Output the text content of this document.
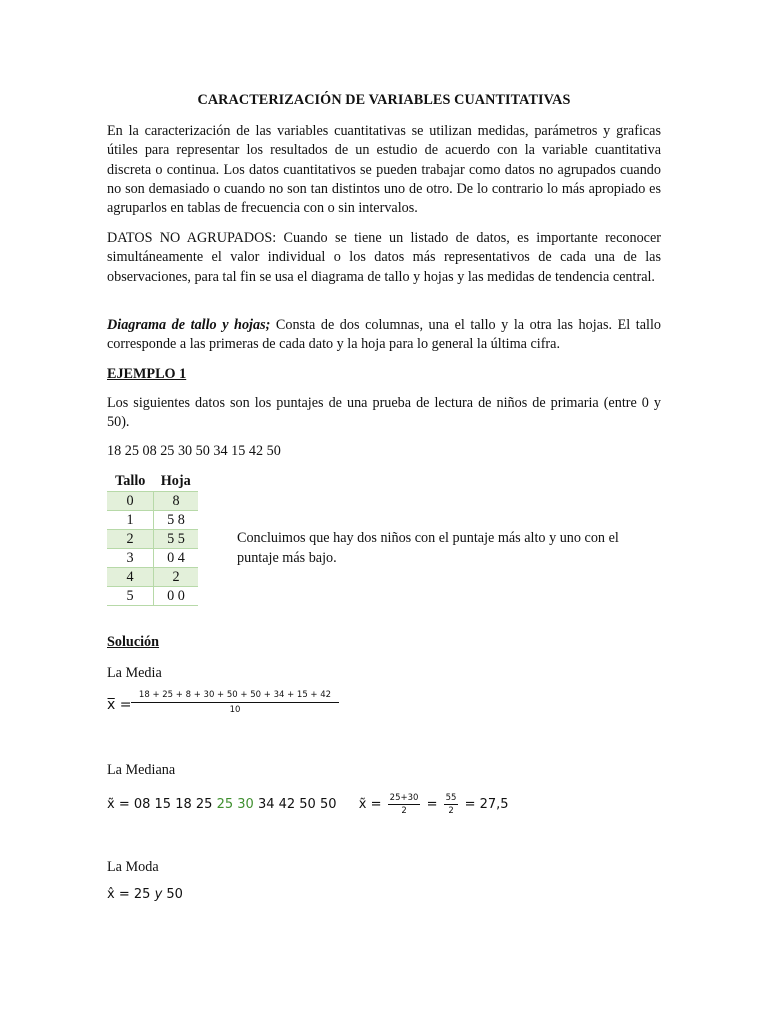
CARACTERIZACIÓN DE VARIABLES CUANTITATIVAS

En la caracterización de las variables cuantitativas se utilizan medidas, parámetros y graficas útiles para representar los resultados de un estudio de acuerdo con la variable cuantitativa discreta o continua. Los datos cuantitativos se pueden trabajar como datos no agrupados cuando no son demasiado o cuando no son tan distintos uno de otro. De lo contrario lo más apropiado es agruparlos en tablas de frecuencia con o sin intervalos.

DATOS NO AGRUPADOS: Cuando se tiene un listado de datos, es importante reconocer simultáneamente el valor individual o los datos más representativos de cada una de las observaciones, para tal fin se usa el diagrama de tallo y hojas y las medidas de tendencia central.

Diagrama de tallo y hojas; Consta de dos columnas, una el tallo y la otra las hojas. El tallo corresponde a las primeras de cada dato y la hoja para lo general la última cifra.

EJEMPLO 1

Los siguientes datos son los puntajes de una prueba de lectura de niños de primaria (entre 0 y 50).

18 25 08 25 30 50 34 15 42 50
Tallo	Hoja
0	8
1	5 8
2	5 5
3	0 4
4	2
5	0 0
Concluimos que hay dos niños con el puntaje más alto y uno con el puntaje más bajo.
Solución
La Media
x̅ = $\frac{18 + 25 + 8 + 30 + 50 + 50 + 34 + 15 + 42}{10}$
La Mediana
x̃ = 08 15 18 25 25 30 34 42 50 50 x̃ = $\frac{25+30}{2} = \frac{55}{2} = 27,5$
La Moda
x̂ = 25 y 50
